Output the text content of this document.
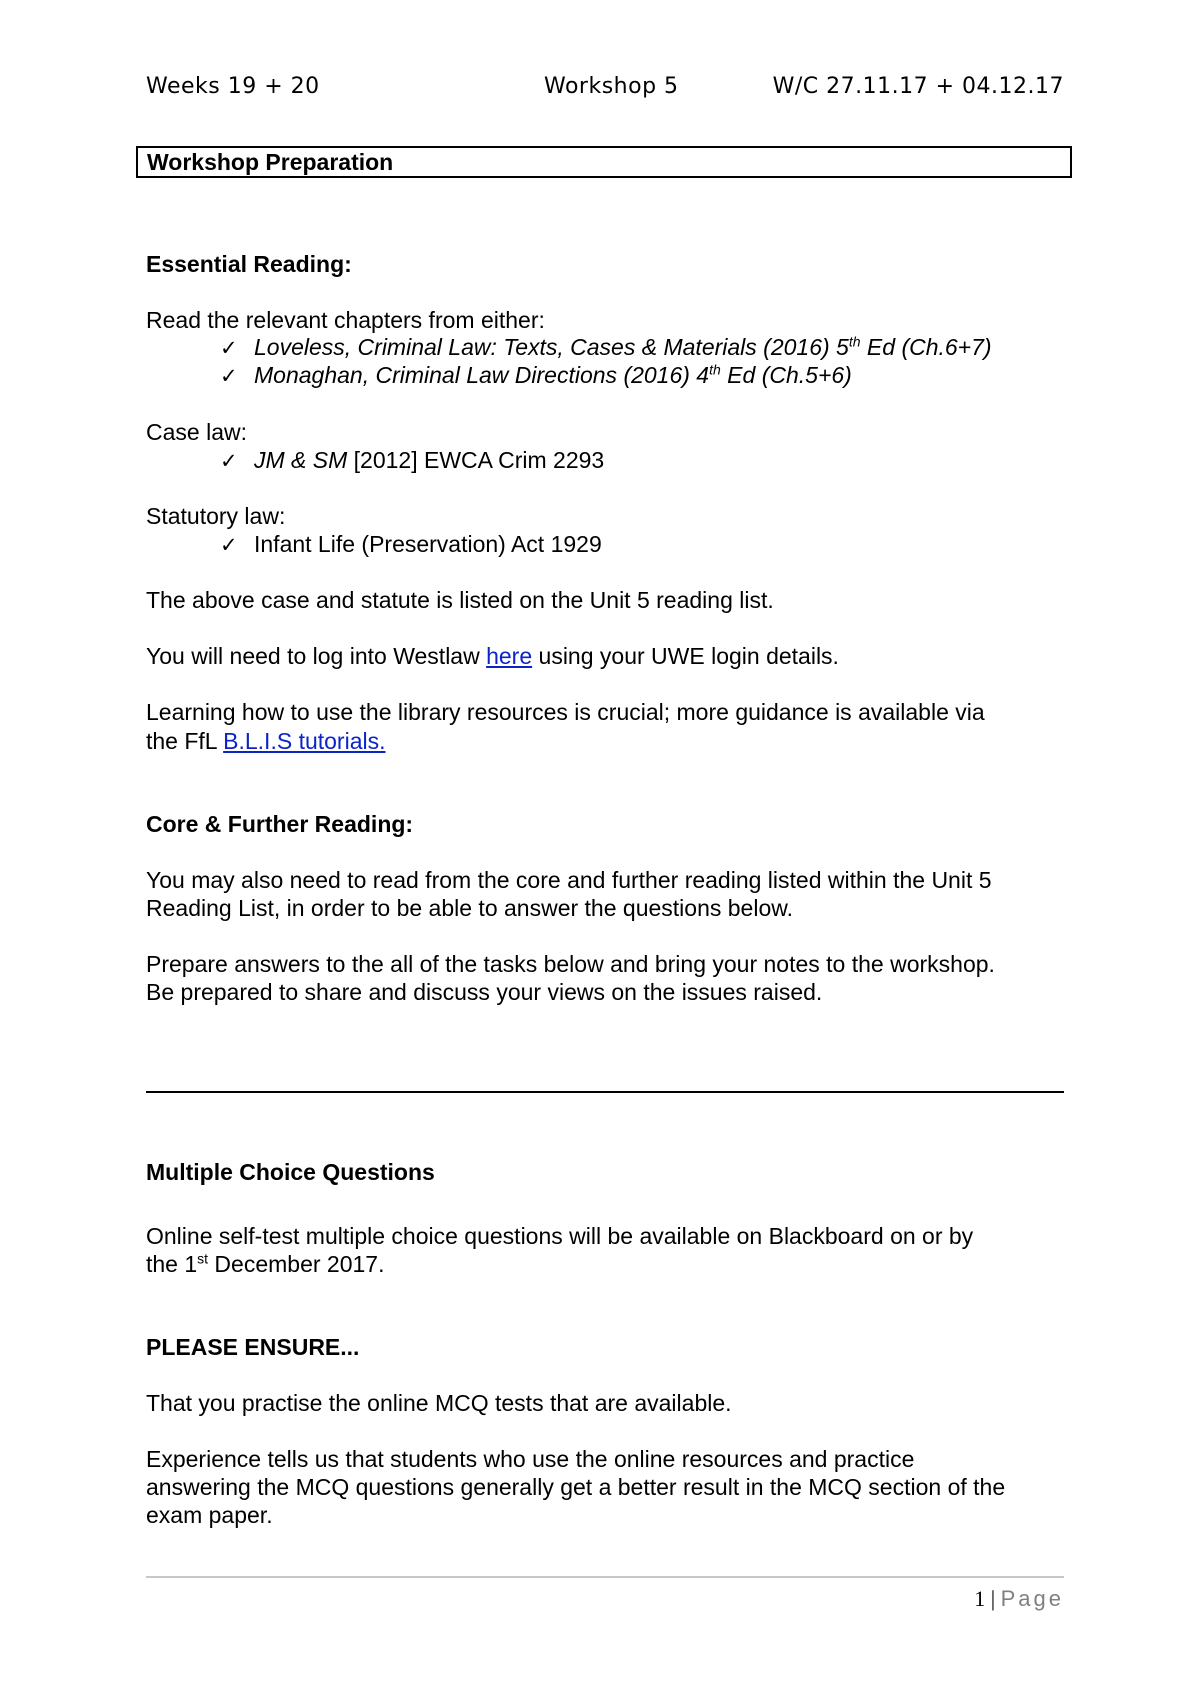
Weeks 19 + 20	Workshop 5	W/C 27.11.17 + 04.12.17
Workshop Preparation
Essential Reading:
Read the relevant chapters from either:
✓ Loveless, Criminal Law: Texts, Cases & Materials (2016) 5th Ed (Ch.6+7)
✓ Monaghan, Criminal Law Directions (2016) 4th Ed (Ch.5+6)
Case law:
✓ JM & SM [2012] EWCA Crim 2293
Statutory law:
✓ Infant Life (Preservation) Act 1929
The above case and statute is listed on the Unit 5 reading list.
You will need to log into Westlaw here using your UWE login details.
Learning how to use the library resources is crucial; more guidance is available via
the FfL B.L.I.S tutorials.
Core & Further Reading:
You may also need to read from the core and further reading listed within the Unit 5
Reading List, in order to be able to answer the questions below.
Prepare answers to the all of the tasks below and bring your notes to the workshop.
Be prepared to share and discuss your views on the issues raised.
Multiple Choice Questions
Online self-test multiple choice questions will be available on Blackboard on or by
the 1st December 2017.
PLEASE ENSURE...
That you practise the online MCQ tests that are available.
Experience tells us that students who use the online resources and practice
answering the MCQ questions generally get a better result in the MCQ section of the
exam paper.
1 | Page
